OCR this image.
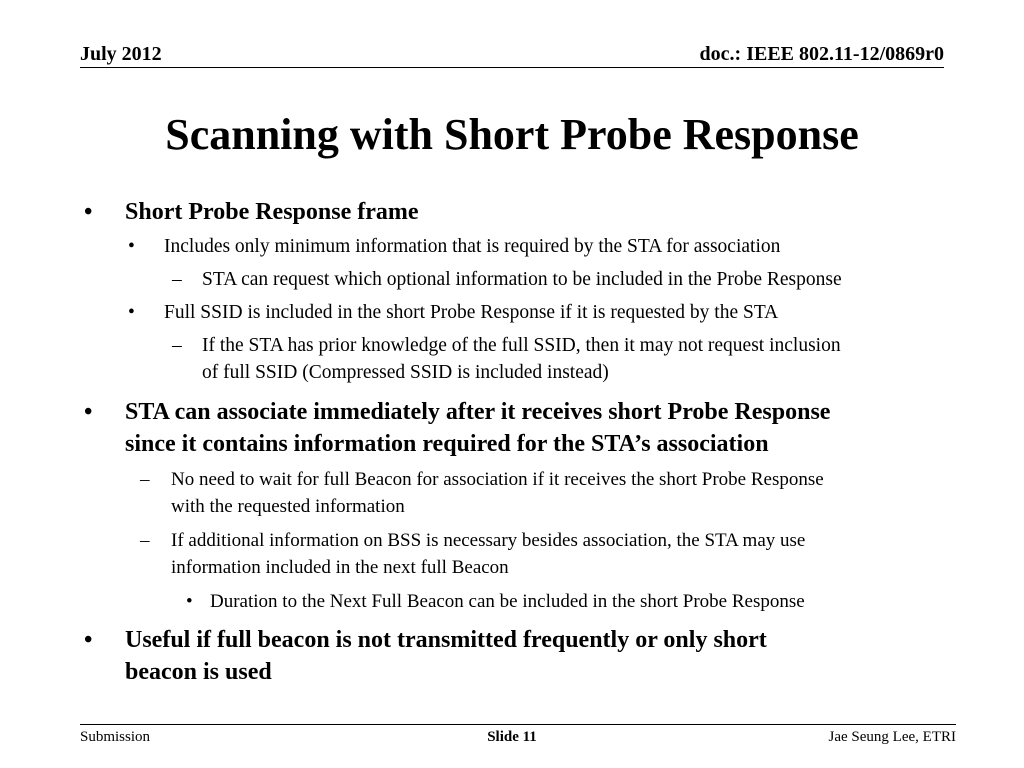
July 2012	doc.: IEEE 802.11-12/0869r0
Scanning with Short Probe Response
• Short Probe Response frame
• Includes only minimum information that is required by the STA for association
– STA can request which optional information to be included in the Probe Response
• Full SSID is included in the short Probe Response if it is requested by the STA
– If the STA has prior knowledge of the full SSID, then it may not request inclusion
of full SSID (Compressed SSID is included instead)
• STA can associate immediately after it receives short Probe Response
since it contains information required for the STA’s association
– No need to wait for full Beacon for association if it receives the short Probe Response
with the requested information
– If additional information on BSS is necessary besides association, the STA may use
information included in the next full Beacon
• Duration to the Next Full Beacon can be included in the short Probe Response
• Useful if full beacon is not transmitted frequently or only short
beacon is used
Submission	Slide 11	Jae Seung Lee, ETRI
